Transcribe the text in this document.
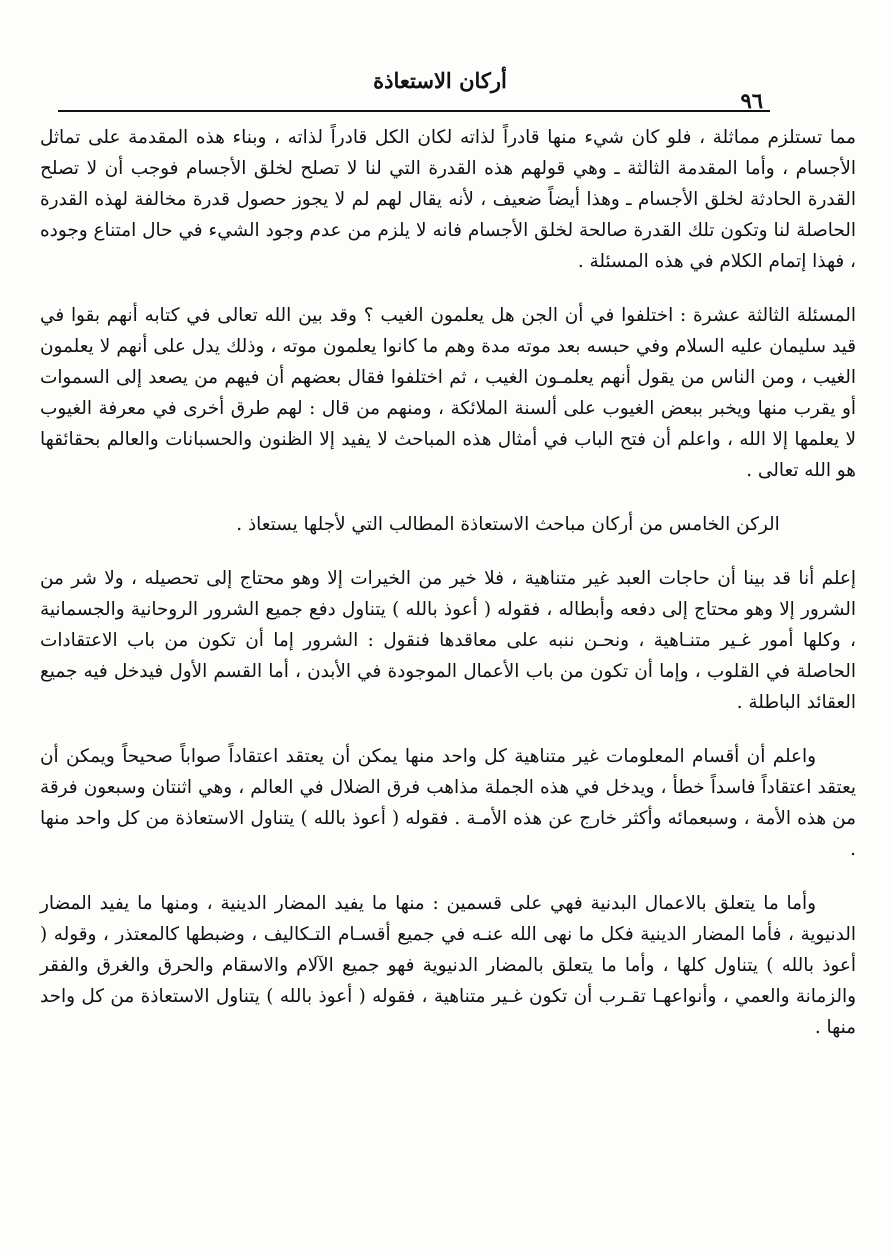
أركان الاستعاذة
٩٦

مما تستلزم مماثلة ، فلو كان شيء منها قادراً لذاته لكان الكل قادراً لذاته ، وبناء هذه المقدمة على تماثل الأجسام ، وأما المقدمة الثالثة ـ وهي قولهم هذه القدرة التي لنا لا تصلح لخلق الأجسام فوجب أن لا تصلح القدرة الحادثة لخلق الأجسام ـ وهذا أيضاً ضعيف ، لأنه يقال لهم لم لا يجوز حصول قدرة مخالفة لهذه القدرة الحاصلة لنا وتكون تلك القدرة صالحة لخلق الأجسام فانه لا يلزم من عدم وجود الشيء في حال امتناع وجوده ، فهذا إتمام الكلام في هذه المسئلة .

المسئلة الثالثة عشرة : اختلفوا في أن الجن هل يعلمون الغيب ؟ وقد بين الله تعالى في كتابه أنهم بقوا في قيد سليمان عليه السلام وفي حبسه بعد موته مدة وهم ما كانوا يعلمون موته ، وذلك يدل على أنهم لا يعلمون الغيب ، ومن الناس من يقول أنهم يعلمـون الغيب ، ثم اختلفوا فقال بعضهم أن فيهم من يصعد إلى السموات أو يقرب منها ويخبر ببعض الغيوب على ألسنة الملائكة ، ومنهم من قال : لهم طرق أخرى في معرفة الغيوب لا يعلمها إلا الله ، واعلم أن فتح الباب في أمثال هذه المباحث لا يفيد إلا الظنون والحسبانات والعالم بحقائقها هو الله تعالى .

الركن الخامس من أركان مباحث الاستعاذة المطالب التي لأجلها يستعاذ .

إعلم أنا قد بينا أن حاجات العبد غير متناهية ، فلا خير من الخيرات إلا وهو محتاج إلى تحصيله ، ولا شر من الشرور إلا وهو محتاج إلى دفعه وأبطاله ، فقوله ( أعوذ بالله ) يتناول دفع جميع الشرور الروحانية والجسمانية ، وكلها أمور غـير متنـاهية ، ونحـن ننبه على معاقدها فنقول : الشرور إما أن تكون من باب الاعتقادات الحاصلة في القلوب ، وإما أن تكون من باب الأعمال الموجودة في الأبدن ، أما القسم الأول فيدخل فيه جميع العقائد الباطلة .

واعلم أن أقسام المعلومات غير متناهية كل واحد منها يمكن أن يعتقد اعتقاداً صواباً صحيحاً ويمكن أن يعتقد اعتقاداً فاسداً خطأ ، ويدخل في هذه الجملة مذاهب فرق الضلال في العالم ، وهي اثنتان وسبعون فرقة من هذه الأمة ، وسبعمائه وأكثر خارج عن هذه الأمـة . فقوله ( أعوذ بالله ) يتناول الاستعاذة من كل واحد منها .

وأما ما يتعلق بالاعمال البدنية فهي على قسمين : منها ما يفيد المضار الدينية ، ومنها ما يفيد المضار الدنيوية ، فأما المضار الدينية فكل ما نهى الله عنـه في جميع أقسـام التـكاليف ، وضبطها كالمعتذر ، وقوله ( أعوذ بالله ) يتناول كلها ، وأما ما يتعلق بالمضار الدنيوية فهو جميع الآلام والاسقام والحرق والغرق والفقر والزمانة والعمي ، وأنواعهـا تقـرب أن تكون غـير متناهية ، فقوله ( أعوذ بالله ) يتناول الاستعاذة من كل واحد منها .
